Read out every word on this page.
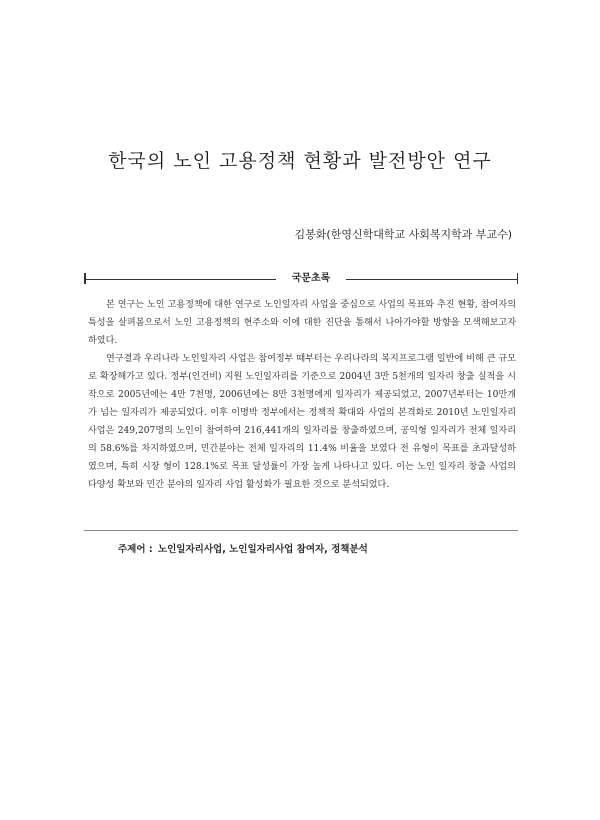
한국의 노인 고용정책 현황과 발전방안 연구
김봉화(한영신학대학교 사회복지학과 부교수)
국문초록

본 연구는 노인 고용정책에 대한 연구로 노인일자리 사업을 중심으로 사업의 목표와 추진 현황, 참여자의 특성을 살펴봄으로서 노인 고용정책의 현주소와 이에 대한 진단을 통해서 나아가야할 방향을 모색해보고자 하였다.

연구결과 우리나라 노인일자리 사업은 참여정부 때부터는 우리나라의 복지프로그램 일반에 비해 큰 규모로 확장해가고 있다. 정부(인건비) 지원 노인일자리를 기준으로 2004년 3만 5천개의 일자리 창출 실적을 시작으로 2005년에는 4만 7천명, 2006년에는 8만 3천명에게 일자리가 제공되었고, 2007년부터는 10만개가 넘는 일자리가 제공되었다. 이후 이명박 정부에서는 정책적 확대와 사업의 본격화로 2010년 노인일자리사업은 249,207명의 노인이 참여하여 216,441개의 일자리를 창출하였으며, 공익형 일자리가 전체 일자리의 58.6%를 차지하였으며, 민간분야는 전체 일자리의 11.4% 비율을 보였다 전 유형이 목표를 초과달성하였으며, 특히 시장 형이 128.1%로 목표 달성률이 가장 높게 나타나고 있다. 이는 노인 일자리 창출 사업의 다양성 확보와 민간 분야의 일자리 사업 활성화가 필요한 것으로 분석되었다.

주제어 : 노인일자리사업, 노인일자리사업 참여자, 정책분석
